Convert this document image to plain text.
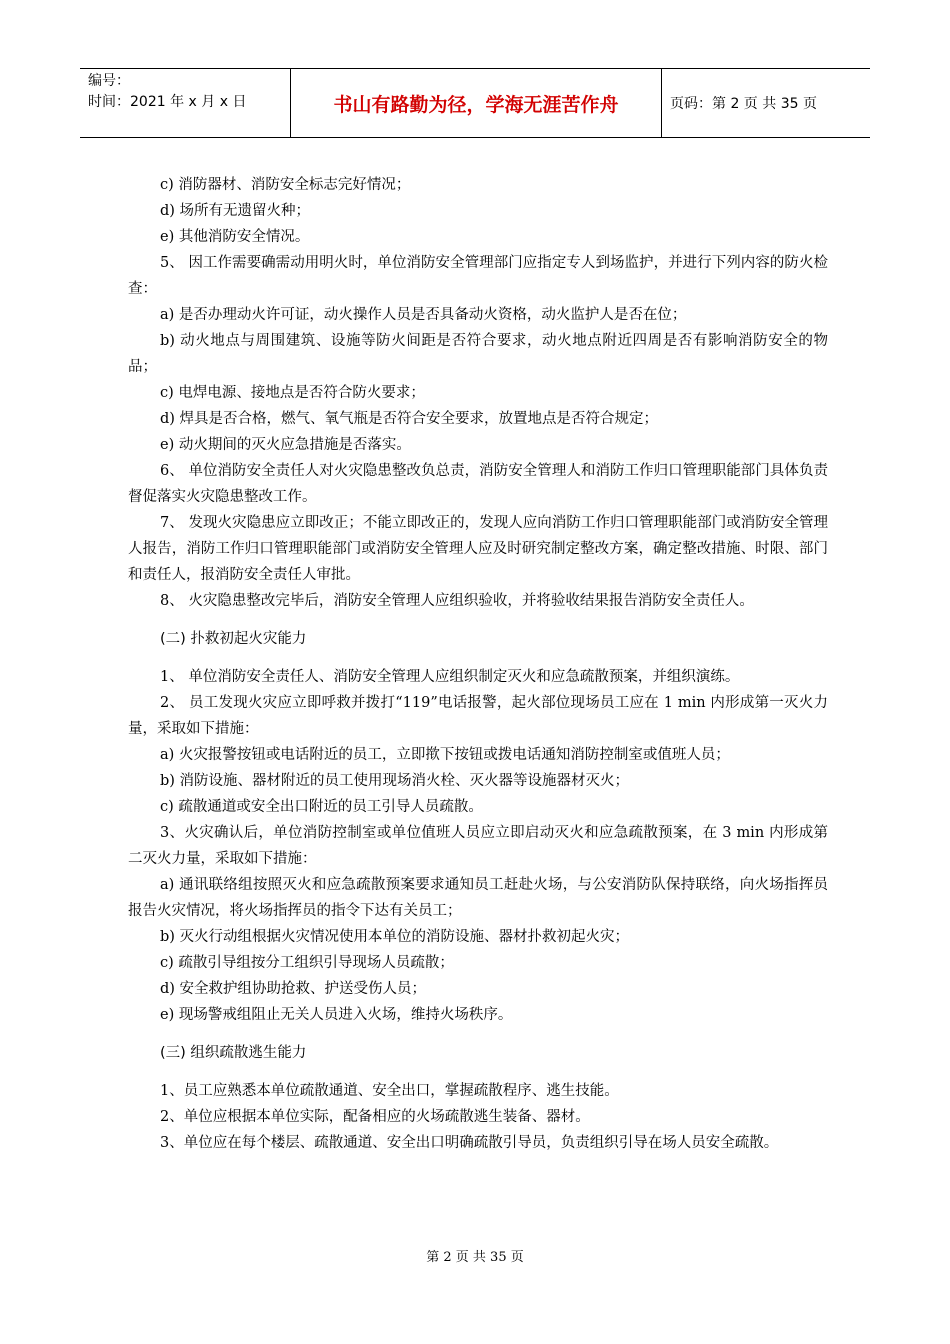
编号：
时间：2021 年 x 月 x 日	书山有路勤为径，学海无涯苦作舟	页码：第 2 页 共 35 页

c) 消防器材、消防安全标志完好情况；

d) 场所有无遗留火种；

e) 其他消防安全情况。

5、 因工作需要确需动用明火时，单位消防安全管理部门应指定专人到场监护，并进行下列内容的防火检查：

a) 是否办理动火许可证，动火操作人员是否具备动火资格，动火监护人是否在位；

b) 动火地点与周围建筑、设施等防火间距是否符合要求，动火地点附近四周是否有影响消防安全的物品；

c) 电焊电源、接地点是否符合防火要求；

d) 焊具是否合格，燃气、氧气瓶是否符合安全要求，放置地点是否符合规定；

e) 动火期间的灭火应急措施是否落实。

6、 单位消防安全责任人对火灾隐患整改负总责，消防安全管理人和消防工作归口管理职能部门具体负责督促落实火灾隐患整改工作。

7、 发现火灾隐患应立即改正；不能立即改正的，发现人应向消防工作归口管理职能部门或消防安全管理人报告，消防工作归口管理职能部门或消防安全管理人应及时研究制定整改方案，确定整改措施、时限、部门和责任人，报消防安全责任人审批。

8、 火灾隐患整改完毕后，消防安全管理人应组织验收，并将验收结果报告消防安全责任人。

(二) 扑救初起火灾能力

1、 单位消防安全责任人、消防安全管理人应组织制定灭火和应急疏散预案，并组织演练。

2、 员工发现火灾应立即呼救并拨打“119”电话报警，起火部位现场员工应在 1 min 内形成第一灭火力量，采取如下措施：

a) 火灾报警按钮或电话附近的员工，立即揿下按钮或拨电话通知消防控制室或值班人员；

b) 消防设施、器材附近的员工使用现场消火栓、灭火器等设施器材灭火；

c) 疏散通道或安全出口附近的员工引导人员疏散。

3、火灾确认后，单位消防控制室或单位值班人员应立即启动灭火和应急疏散预案，在 3 min 内形成第二灭火力量，采取如下措施：

a) 通讯联络组按照灭火和应急疏散预案要求通知员工赶赴火场，与公安消防队保持联络，向火场指挥员报告火灾情况，将火场指挥员的指令下达有关员工；

b) 灭火行动组根据火灾情况使用本单位的消防设施、器材扑救初起火灾；

c) 疏散引导组按分工组织引导现场人员疏散；

d) 安全救护组协助抢救、护送受伤人员；

e) 现场警戒组阻止无关人员进入火场，维持火场秩序。

(三) 组织疏散逃生能力

1、员工应熟悉本单位疏散通道、安全出口，掌握疏散程序、逃生技能。

2、单位应根据本单位实际，配备相应的火场疏散逃生装备、器材。

3、单位应在每个楼层、疏散通道、安全出口明确疏散引导员，负责组织引导在场人员安全疏散。

第 2 页 共 35 页
